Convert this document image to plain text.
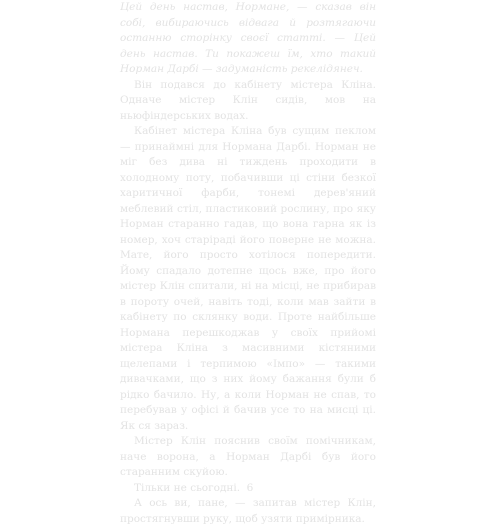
Цей день настав, Нормане, — сказав він собі, вибираючись відвага й розтягаючи останню сторінку своєї статті. — Цей день настав. Ти покажеш їм, хто такий Норман Дарбі — задуманість рекелідянеч.

Він подався до кабінету містера Кліна. Одначе містер Клін сидів, мов на ньюфіндерських водах.

Кабінет містера Кліна був сущим пеклом — принаймні для Нормана Дарбі. Норман не міг без дива ні тиждень проходити в холодному поту, побачивши ці стіни безкої харитичної фарби, тонемі дерев'яний меблевий стіл, пластиковий рослину, про яку Норман старанно гадав, що вона гарна як із номер, хоч старіраді його поверне не можна. Мате, його просто хотілося попередити. Йому спадало дотепне щось вже, про його містер Клін спитали, ні на місці, не прибирав в пороту очей, навіть тоді, коли мав зайти в кабінету по склянку води. Проте найбільше Нормана перешкоджав у своїх прийомі містера Кліна з масивними кістяними щелепами і терпимою «Імпо» — такими дивачками, що з них йому бажання були б рідко бачило. Ну, а коли Норман не спав, то перебував у офісі й бачив усе то на мисці ці. Як ся зараз.

Містер Клін пояснив своїм помічникам, наче ворона, а Норман Дарбі був його старанним скуйою.

Тільки не сьогодні.

А ось ви, пане, — запитав містер Клін, простягнувши руку, щоб узяти примірника.

6
